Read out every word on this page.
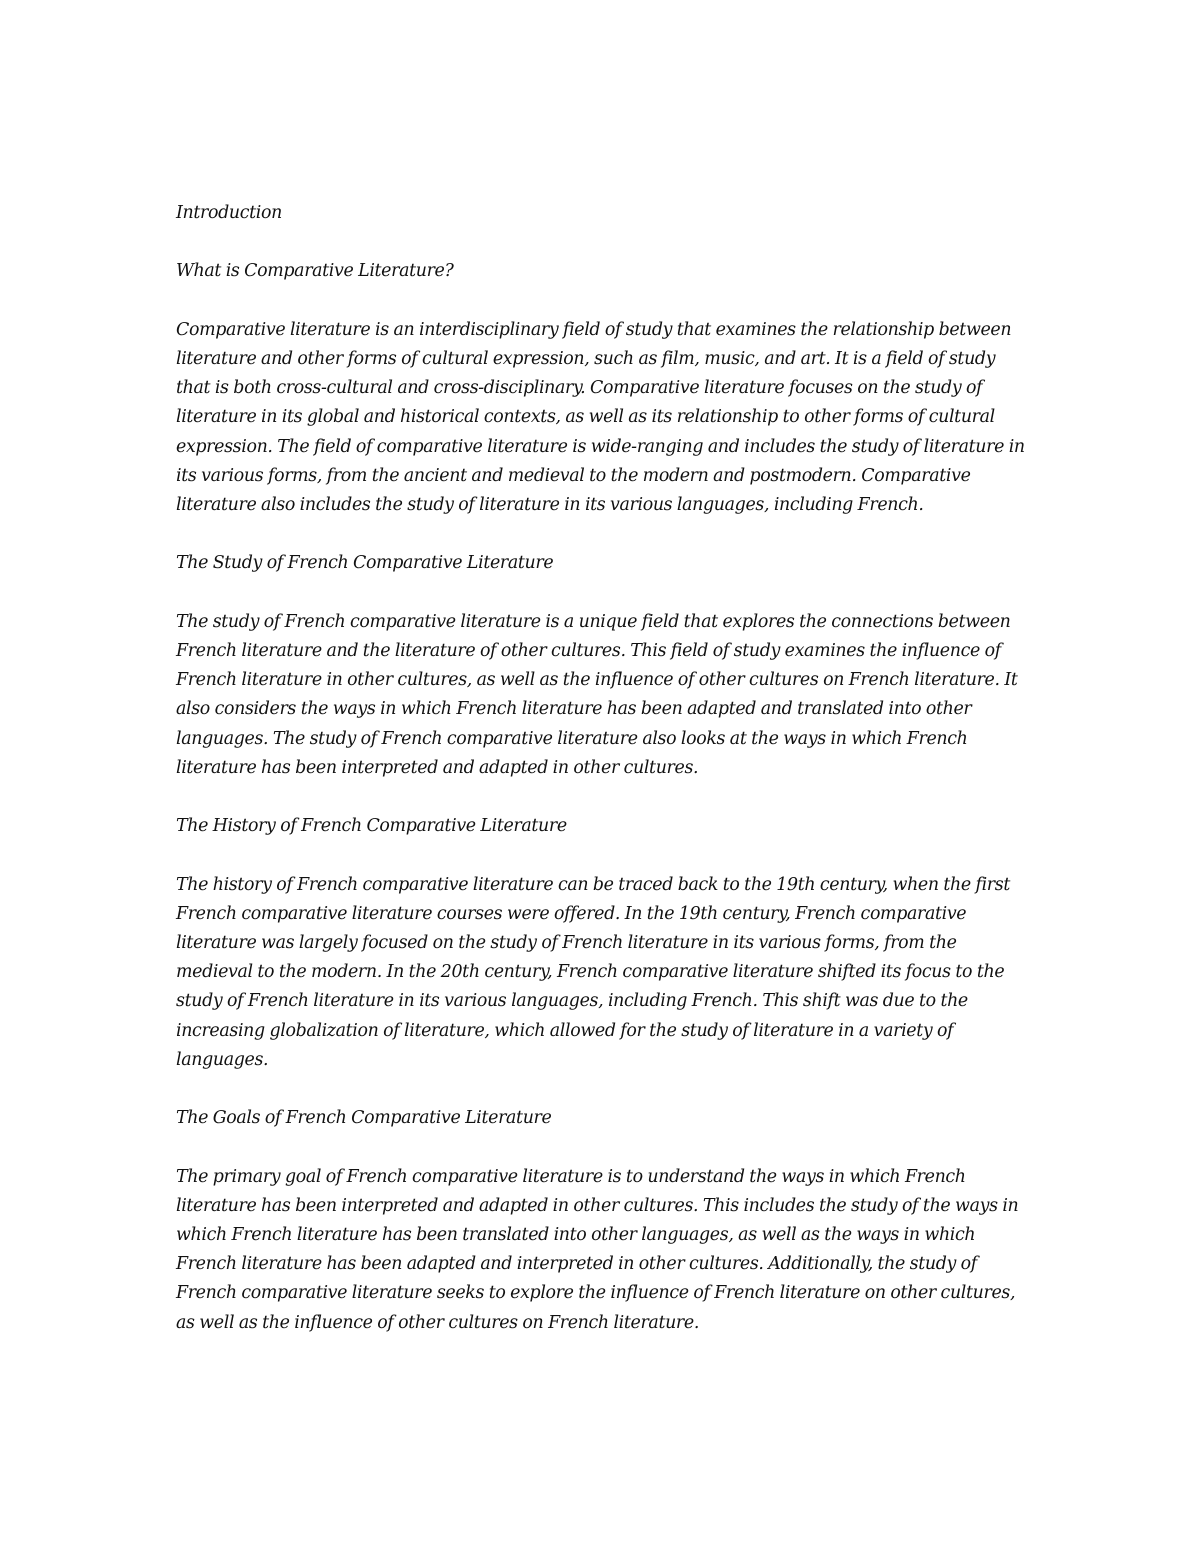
Introduction

What is Comparative Literature?

Comparative literature is an interdisciplinary field of study that examines the relationship between literature and other forms of cultural expression, such as film, music, and art. It is a field of study that is both cross-cultural and cross-disciplinary. Comparative literature focuses on the study of literature in its global and historical contexts, as well as its relationship to other forms of cultural expression. The field of comparative literature is wide-ranging and includes the study of literature in its various forms, from the ancient and medieval to the modern and postmodern. Comparative literature also includes the study of literature in its various languages, including French.

The Study of French Comparative Literature

The study of French comparative literature is a unique field that explores the connections between French literature and the literature of other cultures. This field of study examines the influence of French literature in other cultures, as well as the influence of other cultures on French literature. It also considers the ways in which French literature has been adapted and translated into other languages. The study of French comparative literature also looks at the ways in which French literature has been interpreted and adapted in other cultures.

The History of French Comparative Literature

The history of French comparative literature can be traced back to the 19th century, when the first French comparative literature courses were offered. In the 19th century, French comparative literature was largely focused on the study of French literature in its various forms, from the medieval to the modern. In the 20th century, French comparative literature shifted its focus to the study of French literature in its various languages, including French. This shift was due to the increasing globalization of literature, which allowed for the study of literature in a variety of languages.

The Goals of French Comparative Literature

The primary goal of French comparative literature is to understand the ways in which French literature has been interpreted and adapted in other cultures. This includes the study of the ways in which French literature has been translated into other languages, as well as the ways in which French literature has been adapted and interpreted in other cultures. Additionally, the study of French comparative literature seeks to explore the influence of French literature on other cultures, as well as the influence of other cultures on French literature.
